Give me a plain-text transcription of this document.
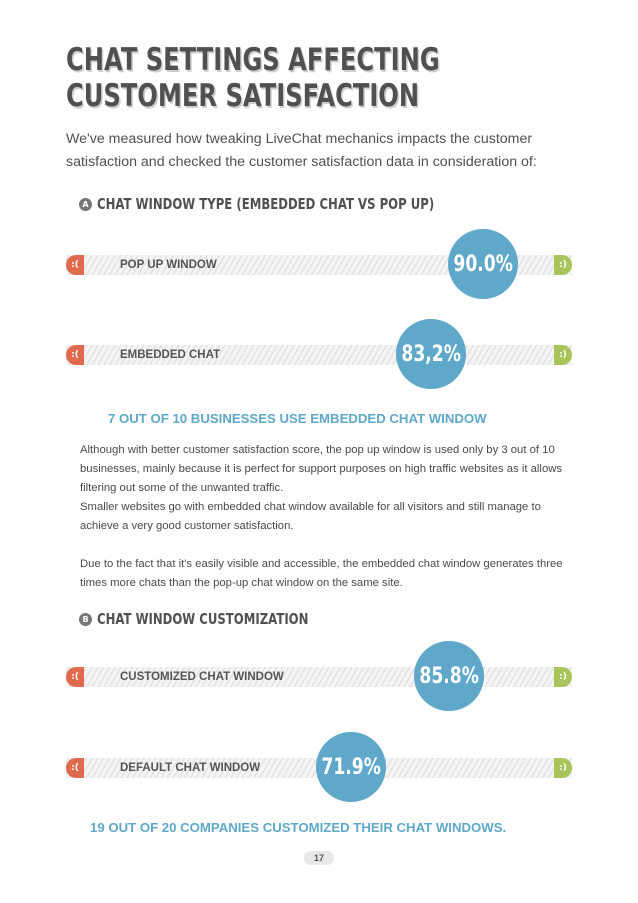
CHAT SETTINGS AFFECTING
CUSTOMER SATISFACTION

We've measured how tweaking LiveChat mechanics impacts the customer satisfaction and checked the customer satisfaction data in consideration of:

A CHAT WINDOW TYPE (EMBEDDED CHAT VS POP UP)
:(	POP UP WINDOW	:)
90.0%
:(	EMBEDDED CHAT	:)
83,2%

7 OUT OF 10 BUSINESSES USE EMBEDDED CHAT WINDOW

Although with better customer satisfaction score, the pop up window is used only by 3 out of 10 businesses, mainly because it is perfect for support purposes on high traffic websites as it allows filtering out some of the unwanted traffic.

Smaller websites go with embedded chat window available for all visitors and still manage to achieve a very good customer satisfaction.

Due to the fact that it's easily visible and accessible, the embedded chat window generates three times more chats than the pop-up chat window on the same site.

B CHAT WINDOW CUSTOMIZATION
:(	CUSTOMIZED CHAT WINDOW	:)
85.8%
:(	DEFAULT CHAT WINDOW	:)
71.9%

19 OUT OF 20 COMPANIES CUSTOMIZED THEIR CHAT WINDOWS.

17
